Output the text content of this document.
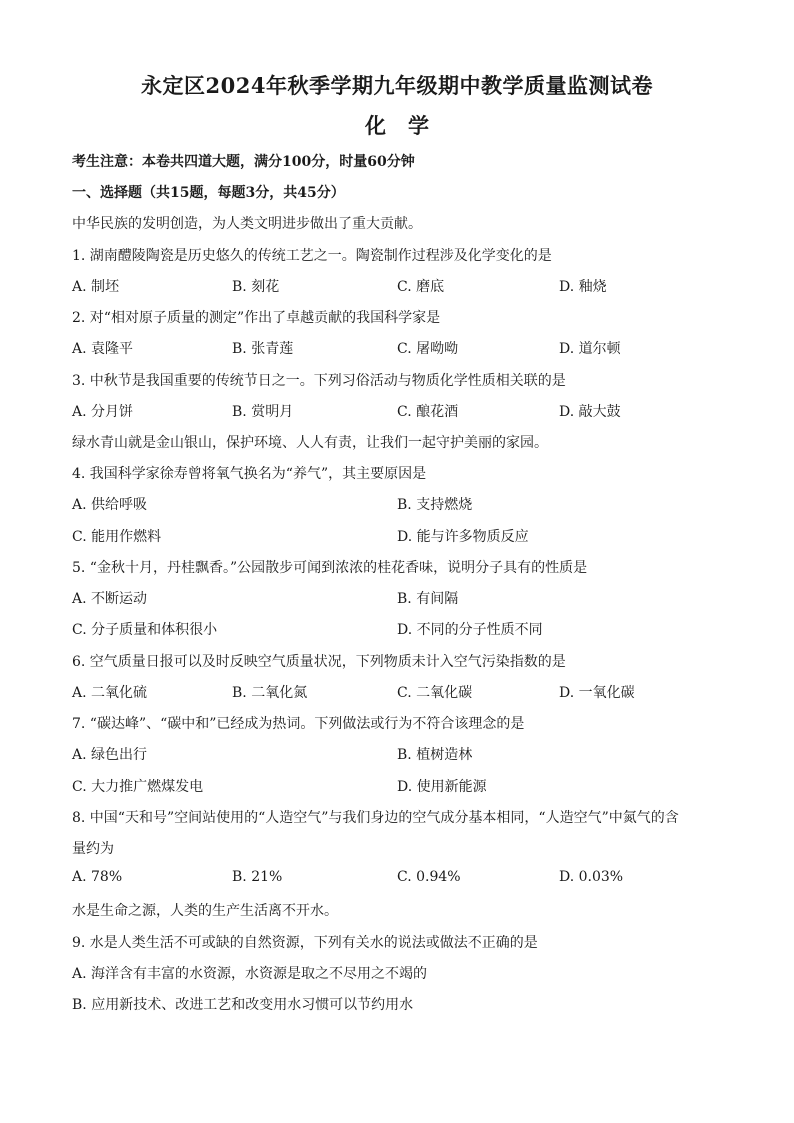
永定区2024年秋季学期九年级期中教学质量监测试卷
化学
考生注意：本卷共四道大题，满分100分，时量60分钟
一、选择题（共15题，每题3分，共45分）
中华民族的发明创造，为人类文明进步做出了重大贡献。
1. 湖南醴陵陶瓷是历史悠久的传统工艺之一。陶瓷制作过程涉及化学变化的是
A. 制坯	B. 刻花	C. 磨底	D. 釉烧
2. 对“相对原子质量的测定”作出了卓越贡献的我国科学家是
A. 袁隆平	B. 张青莲	C. 屠呦呦	D. 道尔顿
3. 中秋节是我国重要的传统节日之一。下列习俗活动与物质化学性质相关联的是
A. 分月饼	B. 赏明月	C. 酿花酒	D. 敲大鼓
绿水青山就是金山银山，保护环境、人人有责，让我们一起守护美丽的家园。
4. 我国科学家徐寿曾将氧气换名为“养气”，其主要原因是
A. 供给呼吸	B. 支持燃烧
C. 能用作燃料	D. 能与许多物质反应
5. “金秋十月，丹桂飘香。”公园散步可闻到浓浓的桂花香味，说明分子具有的性质是
A. 不断运动	B. 有间隔
C. 分子质量和体积很小	D. 不同的分子性质不同
6. 空气质量日报可以及时反映空气质量状况，下列物质未计入空气污染指数的是
A. 二氧化硫	B. 二氧化氮	C. 二氧化碳	D. 一氧化碳
7. “碳达峰”、“碳中和”已经成为热词。下列做法或行为不符合该理念的是
A. 绿色出行	B. 植树造林
C. 大力推广燃煤发电	D. 使用新能源
8. 中国“天和号”空间站使用的“人造空气”与我们身边的空气成分基本相同，“人造空气”中氮气的含
量约为
A. 78%	B. 21%	C. 0.94%	D. 0.03%
水是生命之源，人类的生产生活离不开水。
9. 水是人类生活不可或缺的自然资源，下列有关水的说法或做法不正确的是
A. 海洋含有丰富的水资源，水资源是取之不尽用之不竭的
B. 应用新技术、改进工艺和改变用水习惯可以节约用水
